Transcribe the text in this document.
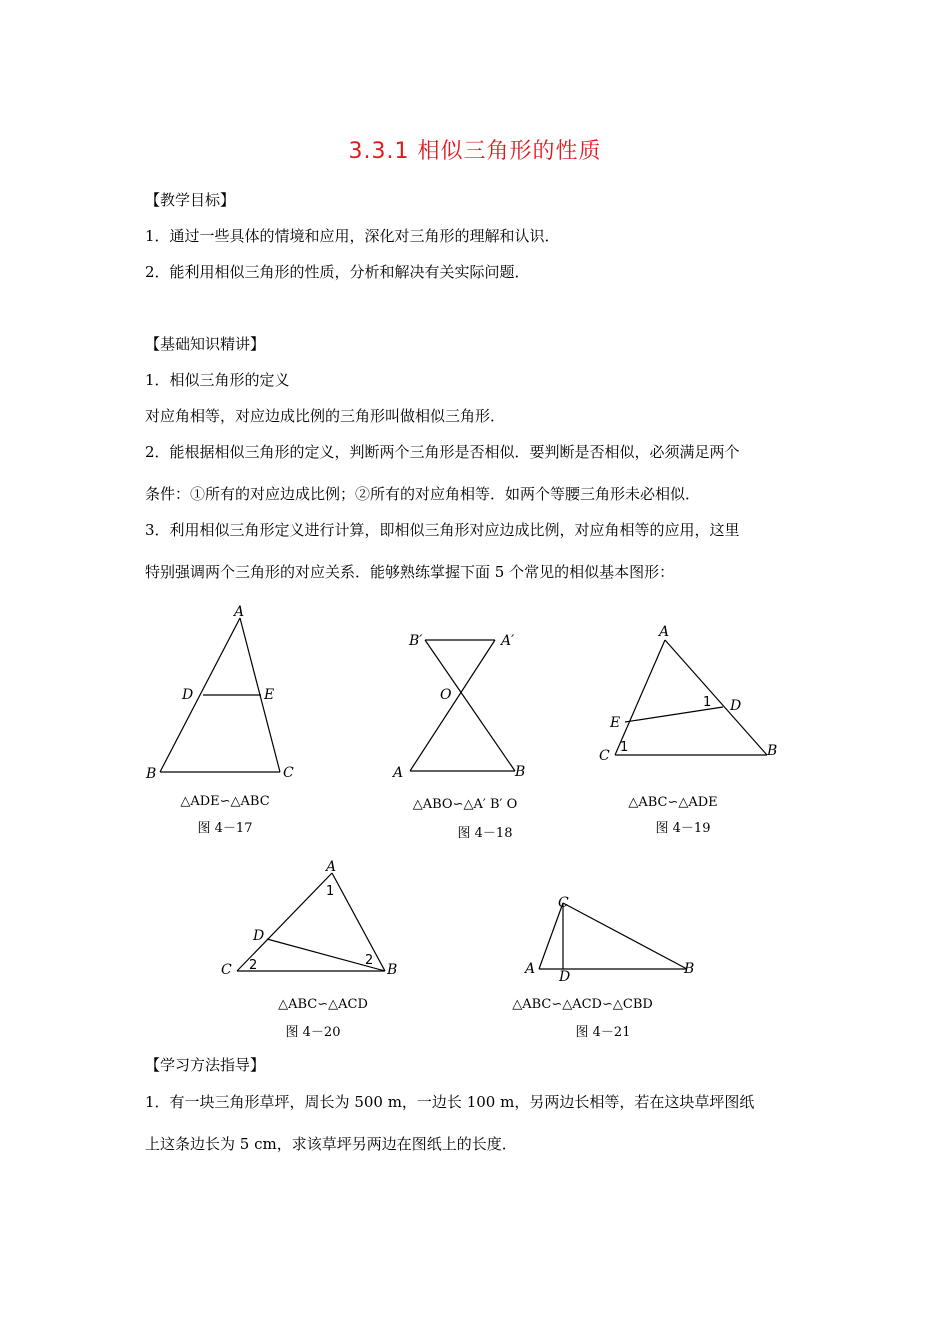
3.3.1 相似三角形的性质
【教学目标】
1．通过一些具体的情境和应用，深化对三角形的理解和认识．
2．能利用相似三角形的性质，分析和解决有关实际问题．
【基础知识精讲】
1．相似三角形的定义
对应角相等，对应边成比例的三角形叫做相似三角形．
2．能根据相似三角形的定义，判断两个三角形是否相似．要判断是否相似，必须满足两个
条件：①所有的对应边成比例；②所有的对应角相等．如两个等腰三角形未必相似．
3．利用相似三角形定义进行计算，即相似三角形对应边成比例，对应角相等的应用，这里
特别强调两个三角形的对应关系．能够熟练掌握下面 5 个常见的相似基本图形：
A
D	E
B	C
△ADE∽△ABC
图 4－17
B′	A′
O
A	B
△ABO∽△A′ B′ O
图 4－18
A
D
E
C	B
1
1
△ABC∽△ADE
图 4－19
A
D
C	B
1
2	2
△ABC∽△ACD
图 4－20
C
A D	B
△ABC∽△ACD∽△CBD
图 4－21
【学习方法指导】
1．有一块三角形草坪，周长为 500 m，一边长 100 m，另两边长相等，若在这块草坪图纸
上这条边长为 5 cm，求该草坪另两边在图纸上的长度．
